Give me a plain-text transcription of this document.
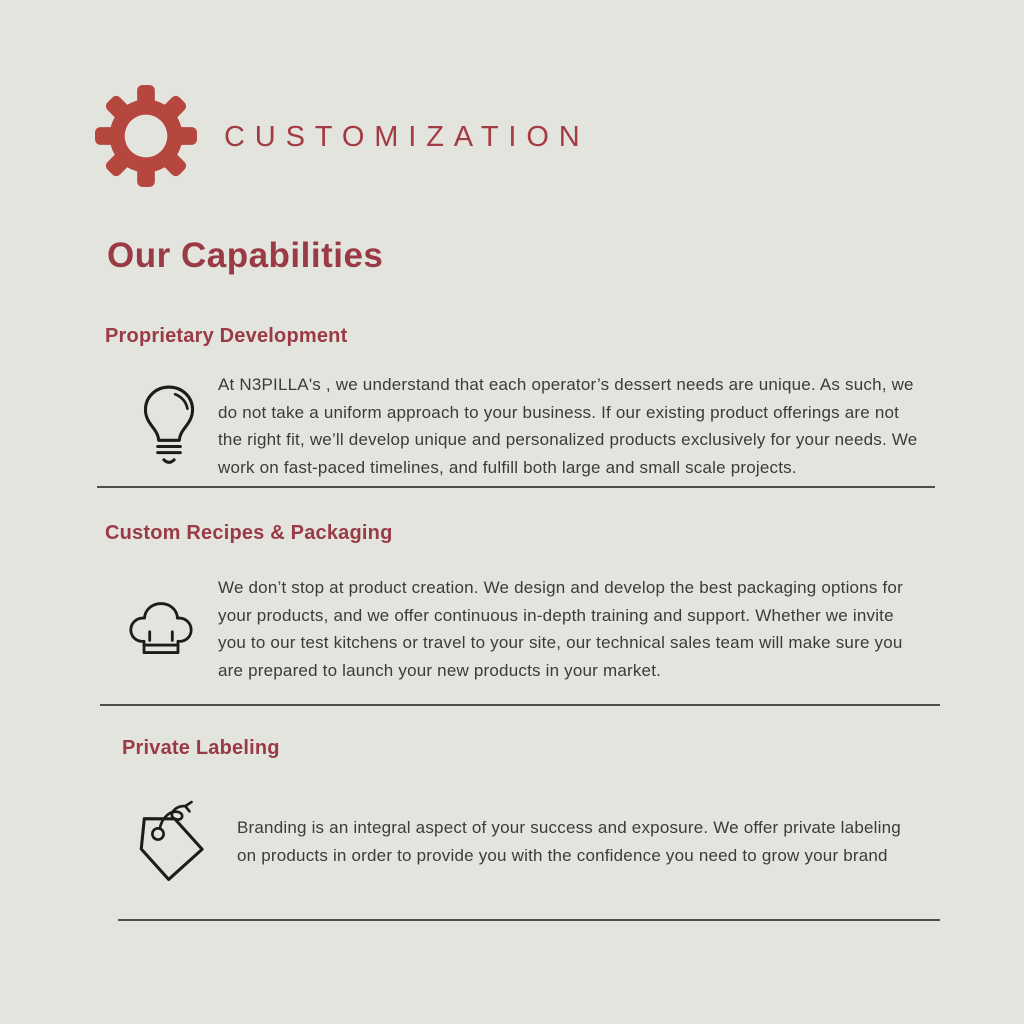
CUSTOMIZATION
Our Capabilities
Proprietary Development

At N3PILLA's , we understand that each operator’s dessert needs are unique. As such, we do not take a uniform approach to your business. If our existing product offerings are not the right fit, we’ll develop unique and personalized products exclusively for your needs. We work on fast-paced timelines, and fulfill both large and small scale projects.

Custom Recipes & Packaging

We don’t stop at product creation. We design and develop the best packaging options for your products, and we offer continuous in-depth training and support. Whether we invite you to our test kitchens or travel to your site, our technical sales team will make sure you are prepared to launch your new products in your market.

Private Labeling

Branding is an integral aspect of your success and exposure. We offer private labeling on products in order to provide you with the confidence you need to grow your brand
